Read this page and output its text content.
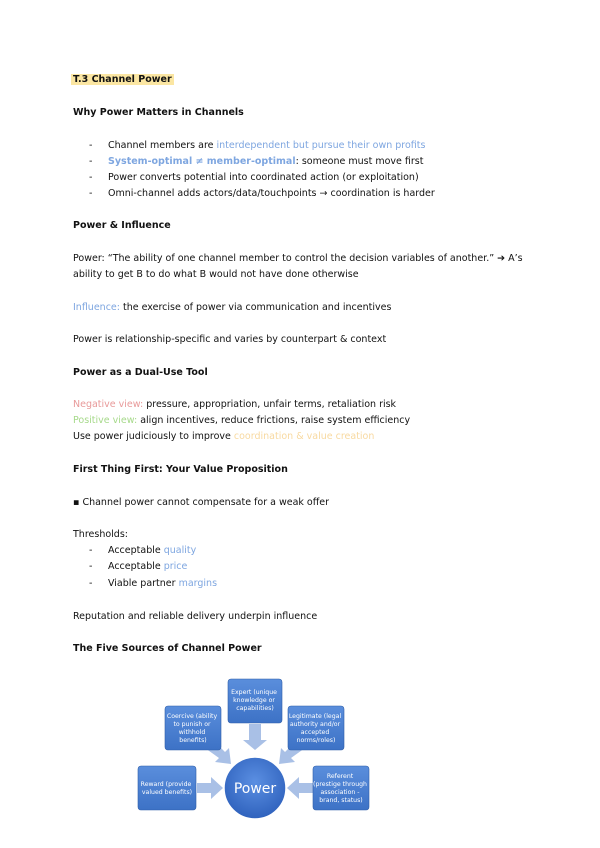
T.3 Channel Power
Why Power Matters in Channels
- Channel members are interdependent but pursue their own profits
- System-optimal ≠ member-optimal: someone must move first
- Power converts potential into coordinated action (or exploitation)
- Omni-channel adds actors/data/touchpoints → coordination is harder
Power & Influence
Power: “The ability of one channel member to control the decision variables of another.” ➔ A’s
ability to get B to do what B would not have done otherwise
Influence: the exercise of power via communication and incentives
Power is relationship-specific and varies by counterpart & context
Power as a Dual-Use Tool
Negative view: pressure, appropriation, unfair terms, retaliation risk
Positive view: align incentives, reduce frictions, raise system efficiency
Use power judiciously to improve coordination & value creation
First Thing First: Your Value Proposition
▪ Channel power cannot compensate for a weak offer
Thresholds:
- Acceptable quality
- Acceptable price
- Viable partner margins
Reputation and reliable delivery underpin influence
The Five Sources of Channel Power
Power
Expert (unique knowledge or capabilities)
Coercive (ability to punish or withhold benefits)
Legitimate (legal authority and/or accepted norms/roles)
Reward (provide valued benefits)
Referent (prestige through association - brand, status)
